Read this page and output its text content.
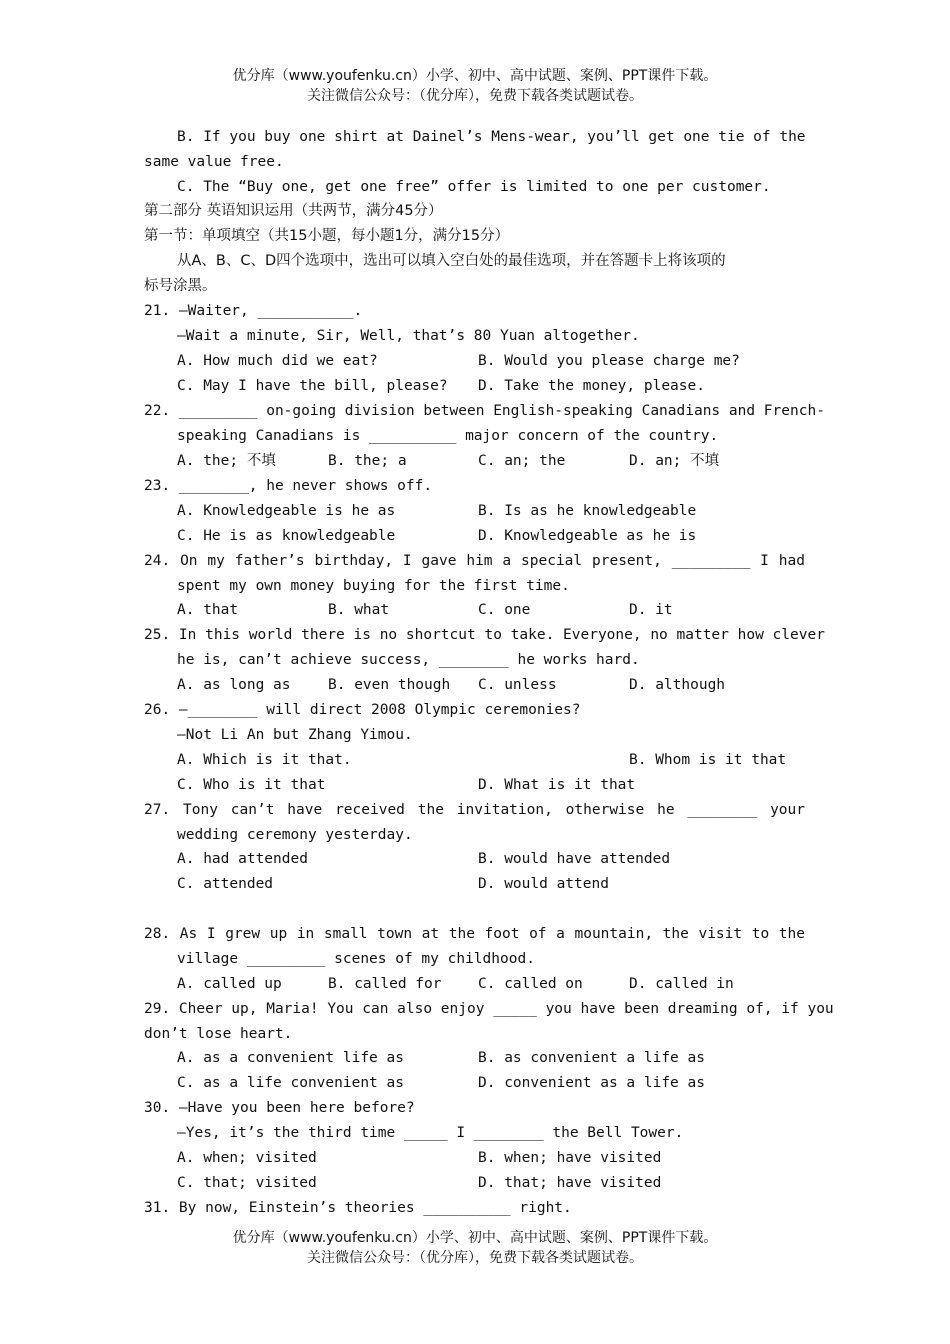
优分库（www.youfenku.cn）小学、初中、高中试题、案例、PPT课件下载。
关注微信公众号：（优分库），免费下载各类试题试卷。
B. If you buy one shirt at Dainel’s Mens-wear, you’ll get one tie of the
same value free.
C. The “Buy one, get one free” offer is limited to one per customer.
第二部分 英语知识运用（共两节，满分45分）
第一节：单项填空（共15小题，每小题1分，满分15分）
从A、B、C、D四个选项中，选出可以填入空白处的最佳选项，并在答题卡上将该项的
标号涂黑。
21. —Waiter, ___________.
—Wait a minute, Sir, Well, that’s 80 Yuan altogether.
A. How much did we eat?	B. Would you please charge me?
C. May I have the bill, please? D. Take the money, please.
22. _________ on-going division between English-speaking Canadians and French-
speaking Canadians is __________ major concern of the country.
A. the; 不填	B. the; a	C. an; the	D. an; 不填
23. ________, he never shows off.
A. Knowledgeable is he as	B. Is as he knowledgeable
C. He is as knowledgeable	D. Knowledgeable as he is
24. On my father’s birthday, I gave him a special present, _________ I had
spent my own money buying for the first time.
A. that	B. what	C. one	D. it
25. In this world there is no shortcut to take. Everyone, no matter how clever
he is, can’t achieve success, ________ he works hard.
A. as long as	B. even though C. unless	D. although
26. —________ will direct 2008 Olympic ceremonies?
—Not Li An but Zhang Yimou.
A. Which is it that.	B. Whom is it that
C. Who is it that	D. What is it that
27. Tony can’t have received the invitation, otherwise he ________ your
wedding ceremony yesterday.
A. had attended	B. would have attended
C. attended	D. would attend
28. As I grew up in small town at the foot of a mountain, the visit to the
village _________ scenes of my childhood.
A. called up	B. called for	C. called on	D. called in
29. Cheer up, Maria! You can also enjoy _____ you have been dreaming of, if you
don’t lose heart.
A. as a convenient life as	B. as convenient a life as
C. as a life convenient as	D. convenient as a life as
30. —Have you been here before?
—Yes, it’s the third time _____ I ________ the Bell Tower.
A. when; visited	B. when; have visited
C. that; visited	D. that; have visited
31. By now, Einstein’s theories __________ right.
优分库（www.youfenku.cn）小学、初中、高中试题、案例、PPT课件下载。
关注微信公众号：（优分库），免费下载各类试题试卷。
